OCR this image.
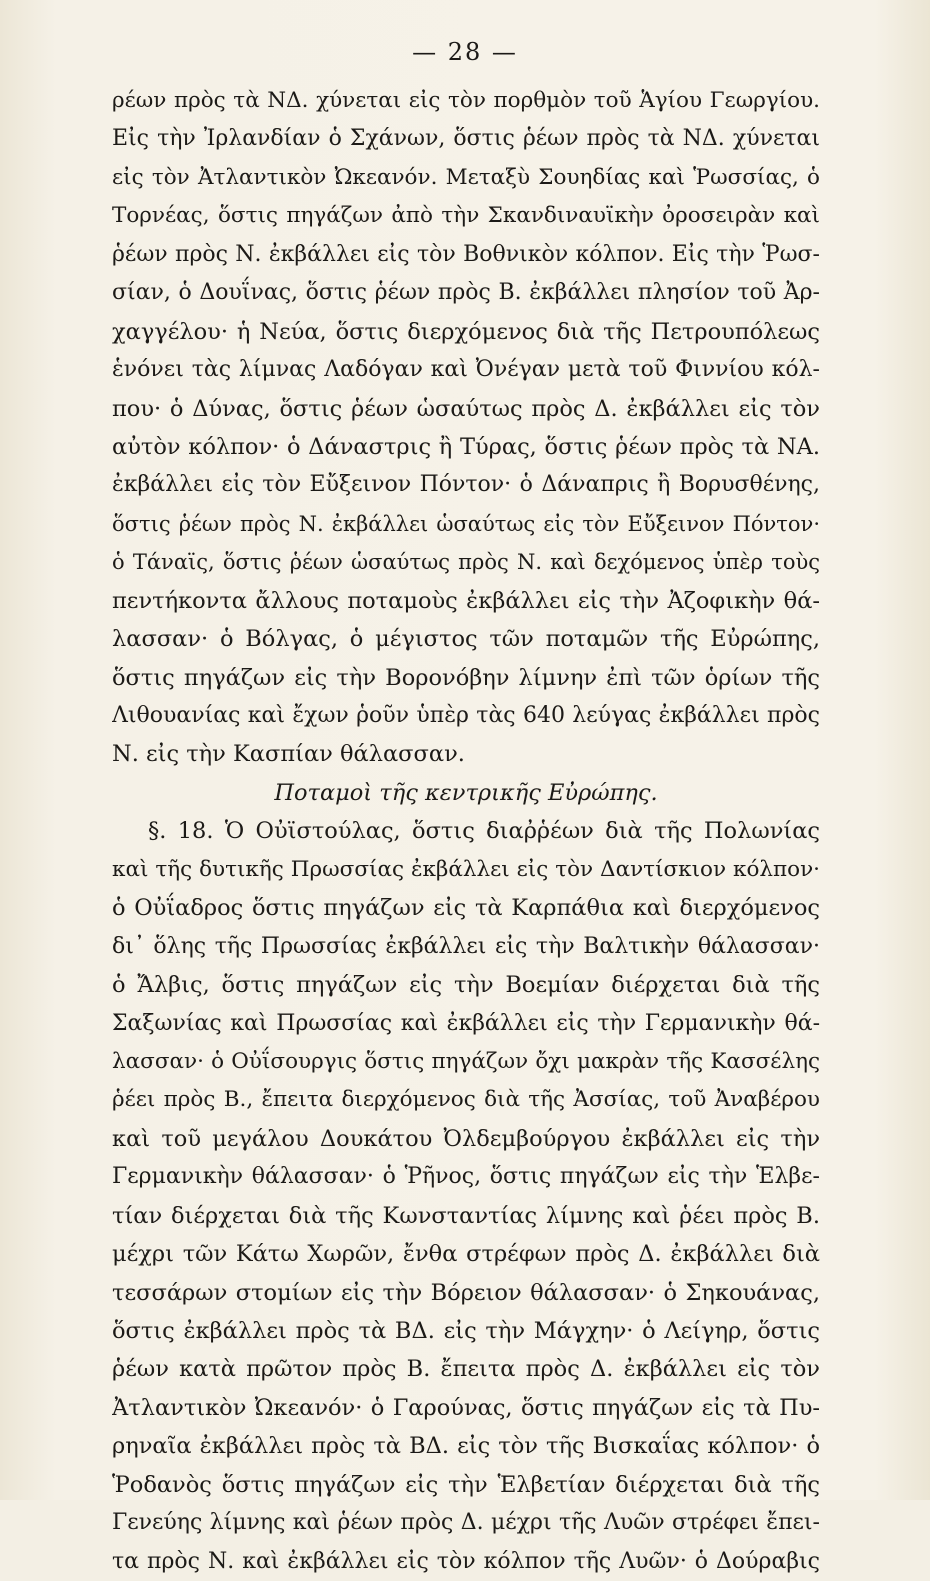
— 28 —
ρέων πρὸς τὰ ΝΔ. χύνεται εἰς τὸν πορθμὸν τοῦ Ἁγίου Γεωργίου.
Εἰς τὴν Ἰρλανδίαν ὁ Σχάνων, ὅστις ῥέων πρὸς τὰ ΝΔ. χύνεται
εἰς τὸν Ἀτλαντικὸν Ὠκεανόν. Μεταξὺ Σουηδίας καὶ Ῥωσσίας, ὁ
Τορνέας, ὅστις πηγάζων ἀπὸ τὴν Σκανδιναυϊκὴν ὀροσειρὰν καὶ
ῥέων πρὸς Ν. ἐκβάλλει εἰς τὸν Βοθνικὸν κόλπον. Εἰς τὴν Ῥωσ-
σίαν, ὁ Δουΐνας, ὅστις ῥέων πρὸς Β. ἐκβάλλει πλησίον τοῦ Ἀρ-
χαγγέλου· ἡ Νεύα, ὅστις διερχόμενος διὰ τῆς Πετρουπόλεως
ἑνόνει τὰς λίμνας Λαδόγαν καὶ Ὀνέγαν μετὰ τοῦ Φιννίου κόλ-
που· ὁ Δύνας, ὅστις ῥέων ὡσαύτως πρὸς Δ. ἐκβάλλει εἰς τὸν
αὐτὸν κόλπον· ὁ Δάναστρις ἢ Τύρας, ὅστις ῥέων πρὸς τὰ ΝΑ.
ἐκβάλλει εἰς τὸν Εὔξεινον Πόντον· ὁ Δάναπρις ἢ Βορυσθένης,
ὅστις ῥέων πρὸς Ν. ἐκβάλλει ὡσαύτως εἰς τὸν Εὔξεινον Πόντον·
ὁ Τάναϊς, ὅστις ῥέων ὡσαύτως πρὸς Ν. καὶ δεχόμενος ὑπὲρ τοὺς
πεντήκοντα ἄλλους ποταμοὺς ἐκβάλλει εἰς τὴν Ἀζοφικὴν θά-
λασσαν· ὁ Βόλγας, ὁ μέγιστος τῶν ποταμῶν τῆς Εὐρώπης,
ὅστις πηγάζων εἰς τὴν Βορονόβην λίμνην ἐπὶ τῶν ὁρίων τῆς
Λιθουανίας καὶ ἔχων ῥοῦν ὑπὲρ τὰς 640 λεύγας ἐκβάλλει πρὸς
Ν. εἰς τὴν Κασπίαν θάλασσαν.
Ποταμοὶ τῆς κεντρικῆς Εὐρώπης.
§. 18. Ὁ Οὐϊστούλας, ὅστις διαῤῥέων διὰ τῆς Πολωνίας
καὶ τῆς δυτικῆς Πρωσσίας ἐκβάλλει εἰς τὸν Δαντίσκιον κόλπον·
ὁ Οὐΐαδρος ὅστις πηγάζων εἰς τὰ Καρπάθια καὶ διερχόμενος
δι᾽ ὅλης τῆς Πρωσσίας ἐκβάλλει εἰς τὴν Βαλτικὴν θάλασσαν·
ὁ Ἄλβις, ὅστις πηγάζων εἰς τὴν Βοεμίαν διέρχεται διὰ τῆς
Σαξωνίας καὶ Πρωσσίας καὶ ἐκβάλλει εἰς τὴν Γερμανικὴν θά-
λασσαν· ὁ Οὐΐσουργις ὅστις πηγάζων ὄχι μακρὰν τῆς Κασσέλης
ῥέει πρὸς Β., ἔπειτα διερχόμενος διὰ τῆς Ἀσσίας, τοῦ Ἀναβέρου
καὶ τοῦ μεγάλου Δουκάτου Ὀλδεμβούργου ἐκβάλλει εἰς τὴν
Γερμανικὴν θάλασσαν· ὁ Ῥῆνος, ὅστις πηγάζων εἰς τὴν Ἑλβε-
τίαν διέρχεται διὰ τῆς Κωνσταντίας λίμνης καὶ ῥέει πρὸς Β.
μέχρι τῶν Κάτω Χωρῶν, ἔνθα στρέφων πρὸς Δ. ἐκβάλλει διὰ
τεσσάρων στομίων εἰς τὴν Βόρειον θάλασσαν· ὁ Σηκουάνας,
ὅστις ἐκβάλλει πρὸς τὰ ΒΔ. εἰς τὴν Μάγχην· ὁ Λείγηρ, ὅστις
ῥέων κατὰ πρῶτον πρὸς Β. ἔπειτα πρὸς Δ. ἐκβάλλει εἰς τὸν
Ἀτλαντικὸν Ὠκεανόν· ὁ Γαρούνας, ὅστις πηγάζων εἰς τὰ Πυ-
ρηναῖα ἐκβάλλει πρὸς τὰ ΒΔ. εἰς τὸν τῆς Βισκαΐας κόλπον· ὁ
Ῥοδανὸς ὅστις πηγάζων εἰς τὴν Ἑλβετίαν διέρχεται διὰ τῆς
Γενεύης λίμνης καὶ ῥέων πρὸς Δ. μέχρι τῆς Λυῶν στρέφει ἔπει-
τα πρὸς Ν. καὶ ἐκβάλλει εἰς τὸν κόλπον τῆς Λυῶν· ὁ Δούραβις
